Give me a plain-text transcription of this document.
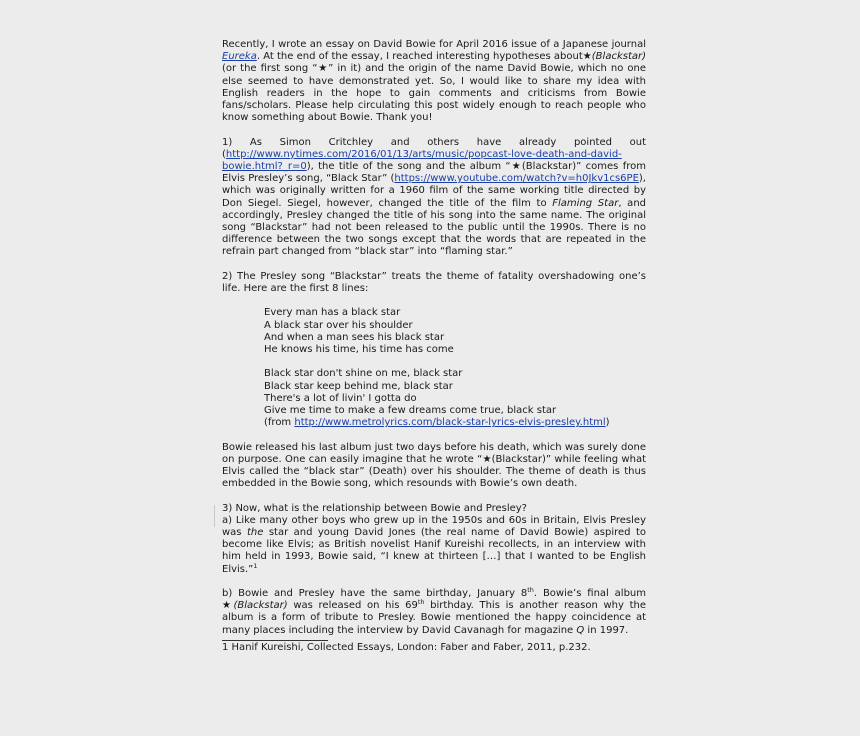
Recently, I wrote an essay on David Bowie for April 2016 issue of a Japanese journal Eureka. At the end of the essay, I reached interesting hypotheses about★(Blackstar) (or the first song “★” in it) and the origin of the name David Bowie, which no one else seemed to have demonstrated yet. So, I would like to share my idea with English readers in the hope to gain comments and criticisms from Bowie fans/scholars. Please help circulating this post widely enough to reach people who know something about Bowie. Thank you!

1) As Simon Critchley and others have already pointed out (http://www.nytimes.com/2016/01/13/arts/music/popcast-love-death-and-david-bowie.html?_r=0), the title of the song and the album “★(Blackstar)” comes from Elvis Presley’s song, “Black Star” (https://www.youtube.com/watch?v=h0Jkv1cs6PE), which was originally written for a 1960 film of the same working title directed by Don Siegel. Siegel, however, changed the title of the film to Flaming Star, and accordingly, Presley changed the title of his song into the same name. The original song “Blackstar” had not been released to the public until the 1990s. There is no difference between the two songs except that the words that are repeated in the refrain part changed from “black star” into “flaming star.”

2) The Presley song “Blackstar” treats the theme of fatality overshadowing one’s life. Here are the first 8 lines:

Every man has a black star
A black star over his shoulder
And when a man sees his black star
He knows his time, his time has come
Black star don't shine on me, black star
Black star keep behind me, black star
There's a lot of livin' I gotta do
Give me time to make a few dreams come true, black star
(from http://www.metrolyrics.com/black-star-lyrics-elvis-presley.html)

Bowie released his last album just two days before his death, which was surely done on purpose. One can easily imagine that he wrote “★(Blackstar)” while feeling what Elvis called the “black star” (Death) over his shoulder. The theme of death is thus embedded in the Bowie song, which resounds with Bowie’s own death.

3) Now, what is the relationship between Bowie and Presley?

a) Like many other boys who grew up in the 1950s and 60s in Britain, Elvis Presley was the star and young David Jones (the real name of David Bowie) aspired to become like Elvis; as British novelist Hanif Kureishi recollects, in an interview with him held in 1993, Bowie said, “I knew at thirteen […] that I wanted to be English Elvis.”$^1$

b) Bowie and Presley have the same birthday, January 8th. Bowie’s final album ★(Blackstar) was released on his 69th birthday. This is another reason why the album is a form of tribute to Presley. Bowie mentioned the happy coincidence at many places including the interview by David Cavanagh for magazine Q in 1997.

1 Hanif Kureishi, Collected Essays, London: Faber and Faber, 2011, p.232.
